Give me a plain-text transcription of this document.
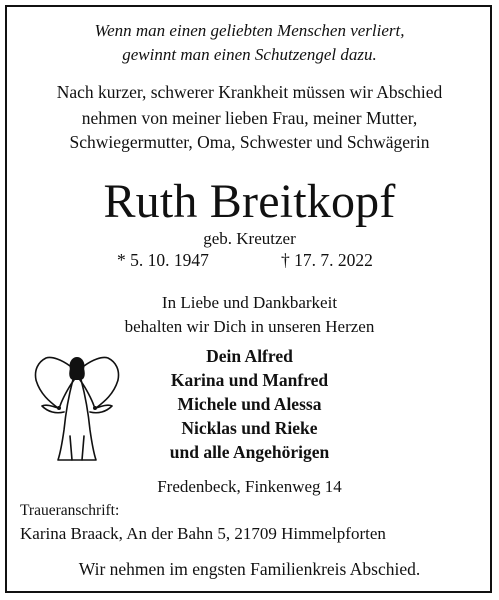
Wenn man einen geliebten Menschen verliert,
gewinnt man einen Schutzengel dazu.
Nach kurzer, schwerer Krankheit müssen wir Abschied
nehmen von meiner lieben Frau, meiner Mutter,
Schwiegermutter, Oma, Schwester und Schwägerin
Ruth Breitkopf
geb. Kreutzer
* 5. 10. 1947	† 17. 7. 2022
In Liebe und Dankbarkeit
behalten wir Dich in unseren Herzen
Dein Alfred
Karina und Manfred
Michele und Alessa
Nicklas und Rieke
und alle Angehörigen
Fredenbeck, Finkenweg 14
Traueranschrift:
Karina Braack, An der Bahn 5, 21709 Himmelpforten
Wir nehmen im engsten Familienkreis Abschied.
